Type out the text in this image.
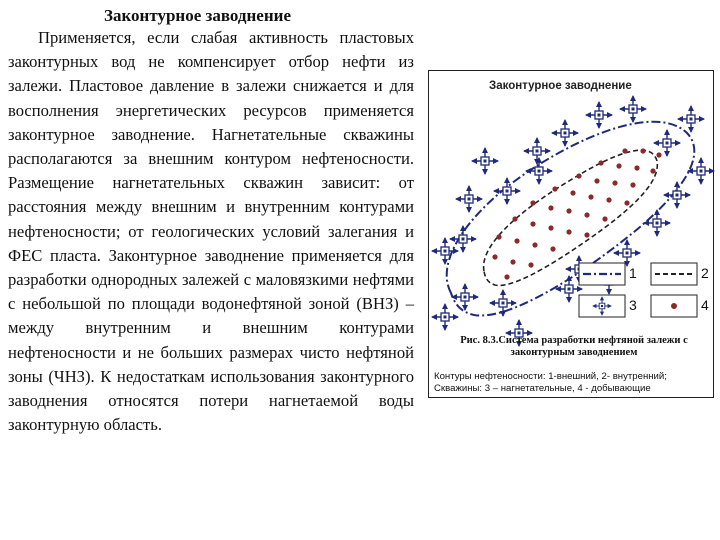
Законтурное заводнение

Применяется, если слабая активность пластовых законтурных вод не компенсирует отбор нефти из залежи. Пластовое давление в залежи снижается и для восполнения энергетических ресурсов применяется законтурное заводнение. Нагнетательные скважины располагаются за внешним контуром нефтеносности. Размещение нагнетательных скважин зависит: от расстояния между внешним и внутренним контурами нефтеносности; от геологических условий залегания и ФЕС пласта. Законтурное заводнение применяется для разработки однородных залежей с маловязкими нефтями с небольшой по площади водонефтяной зоной (ВНЗ) – между внутренним и внешним контурами нефтеносности и не больших размерах чисто нефтяной зоны (ЧНЗ). К недостаткам использования законтурного заводнения относятся потери нагнетаемой воды законтурную область.

Законтурное заводнение
1	2
3	4
Рис. 8.3.Система разработки нефтяной залежи с законтурным заводнением
Контуры нефтеносности: 1-внешний, 2- внутренний; Скважины: 3 – нагнетательные, 4 - добывающие
